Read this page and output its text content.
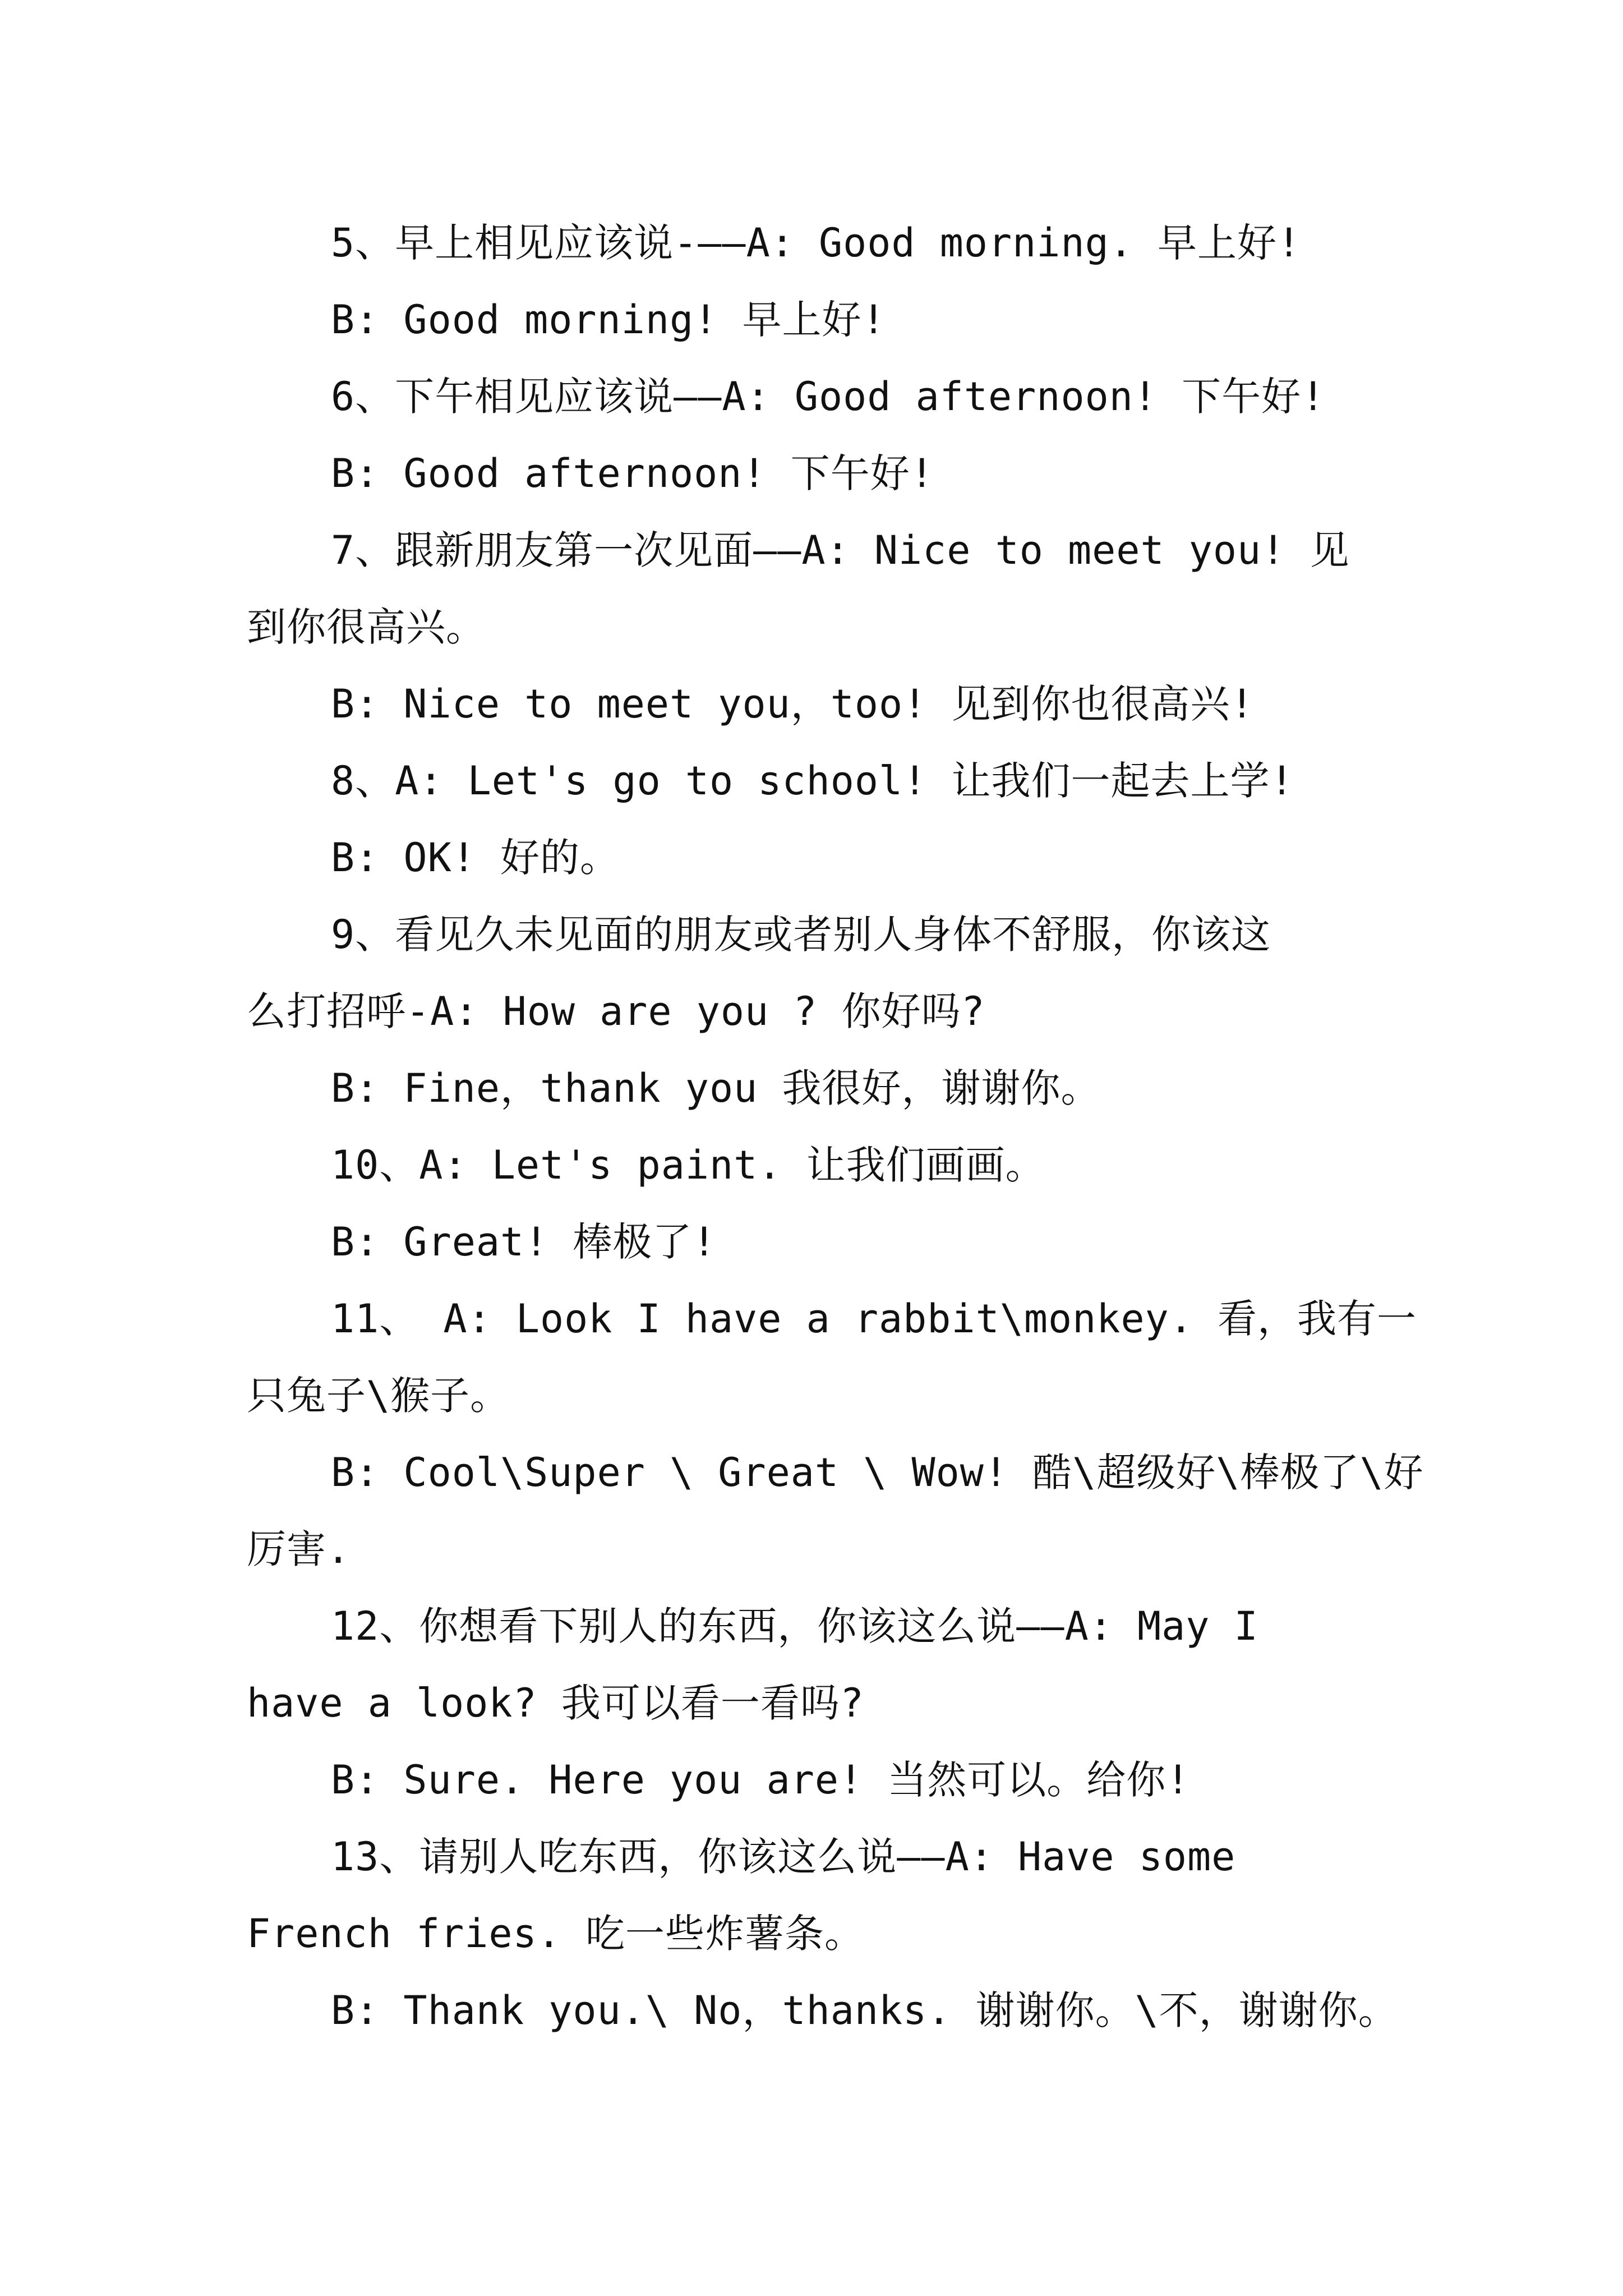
5、早上相见应该说-——A: Good morning. 早上好!
B: Good morning! 早上好!
6、下午相见应该说——A: Good afternoon! 下午好!
B: Good afternoon! 下午好!
7、跟新朋友第一次见面——A: Nice to meet you! 见
到你很高兴。
B: Nice to meet you，too! 见到你也很高兴!
8、A: Let's go to school! 让我们一起去上学!
B: OK! 好的。
9、看见久未见面的朋友或者别人身体不舒服，你该这
么打招呼-A: How are you ? 你好吗?
B: Fine，thank you 我很好，谢谢你。
10、A: Let's paint. 让我们画画。
B: Great! 棒极了!
11、 A: Look I have a rabbit\monkey. 看，我有一
只兔子\猴子。
B: Cool\Super \ Great \ Wow! 酷\超级好\棒极了\好
厉害.
12、你想看下别人的东西，你该这么说——A: May I
have a look? 我可以看一看吗?
B: Sure. Here you are! 当然可以。给你!
13、请别人吃东西，你该这么说——A: Have some
French fries. 吃一些炸薯条。
B: Thank you.\ No，thanks. 谢谢你。\不，谢谢你。
